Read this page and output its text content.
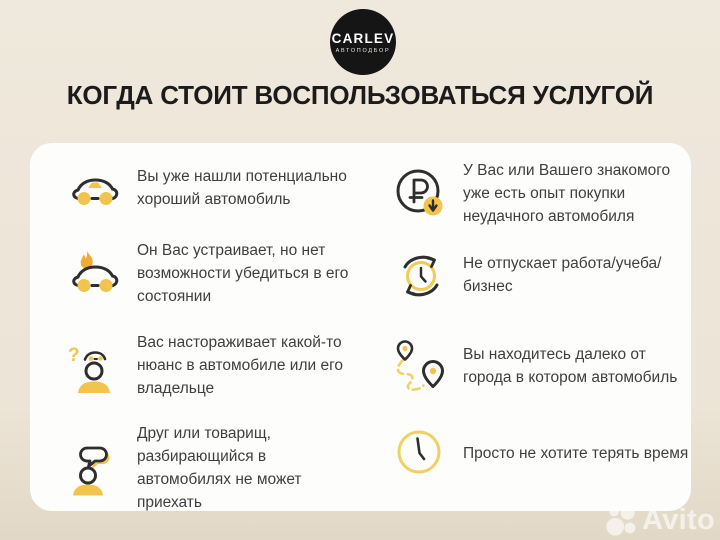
CARLEV
АВТОПОДБОР
КОГДА СТОИТ ВОСПОЛЬЗОВАТЬСЯ УСЛУГОЙ
Вы уже нашли потенциально хороший автомобиль
Он Вас устраивает, но нет возможности убедиться в его состоянии
?
Вас настораживает какой-то нюанс в автомобиле или его владельце
Друг или товарищ, разбирающийся в автомобилях не может приехать
У Вас или Вашего знакомого уже есть опыт покупки неудачного автомобиля
Не отпускает работа/учеба/бизнес
Вы находитесь далеко от города в котором автомобиль
Просто не хотите терять время
Avito
